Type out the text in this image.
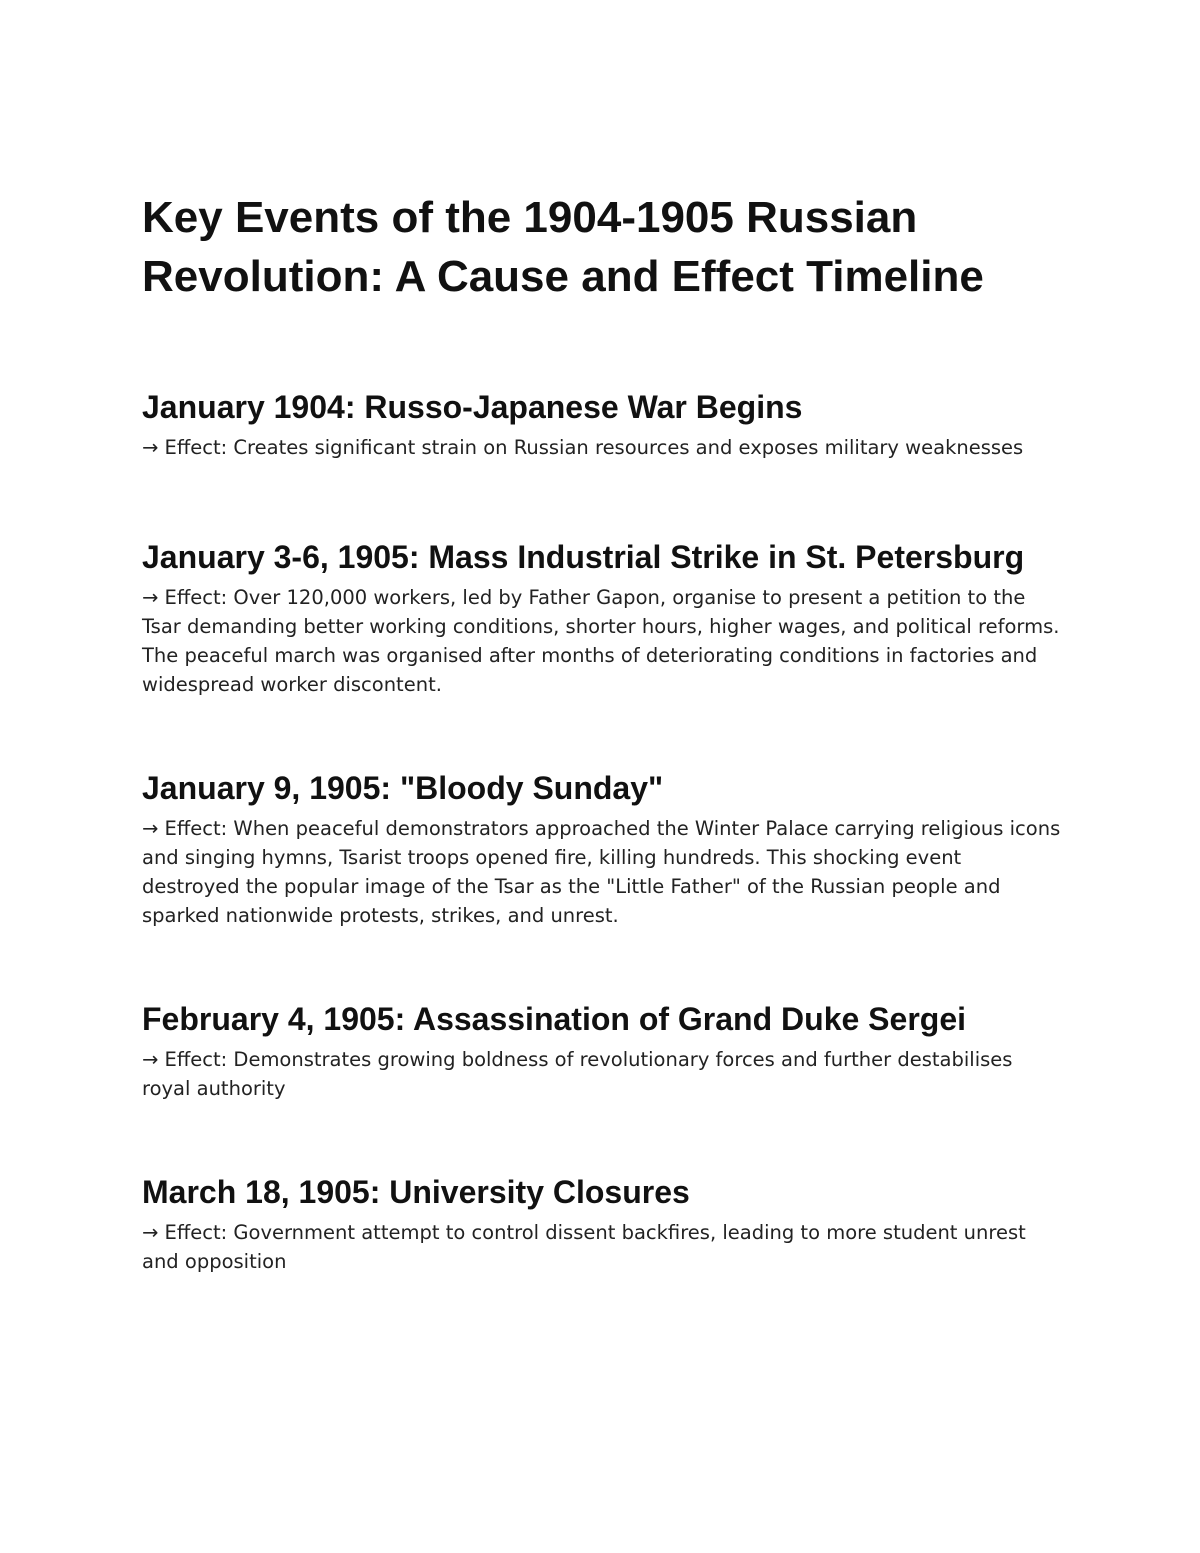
Key Events of the 1904-1905 Russian Revolution: A Cause and Effect Timeline
January 1904: Russo-Japanese War Begins

→ Effect: Creates significant strain on Russian resources and exposes military weaknesses

January 3-6, 1905: Mass Industrial Strike in St. Petersburg

→ Effect: Over 120,000 workers, led by Father Gapon, organise to present a petition to the Tsar demanding better working conditions, shorter hours, higher wages, and political reforms. The peaceful march was organised after months of deteriorating conditions in factories and widespread worker discontent.

January 9, 1905: "Bloody Sunday"

→ Effect: When peaceful demonstrators approached the Winter Palace carrying religious icons and singing hymns, Tsarist troops opened fire, killing hundreds. This shocking event destroyed the popular image of the Tsar as the "Little Father" of the Russian people and sparked nationwide protests, strikes, and unrest.

February 4, 1905: Assassination of Grand Duke Sergei

→ Effect: Demonstrates growing boldness of revolutionary forces and further destabilises royal authority

March 18, 1905: University Closures

→ Effect: Government attempt to control dissent backfires, leading to more student unrest and opposition
